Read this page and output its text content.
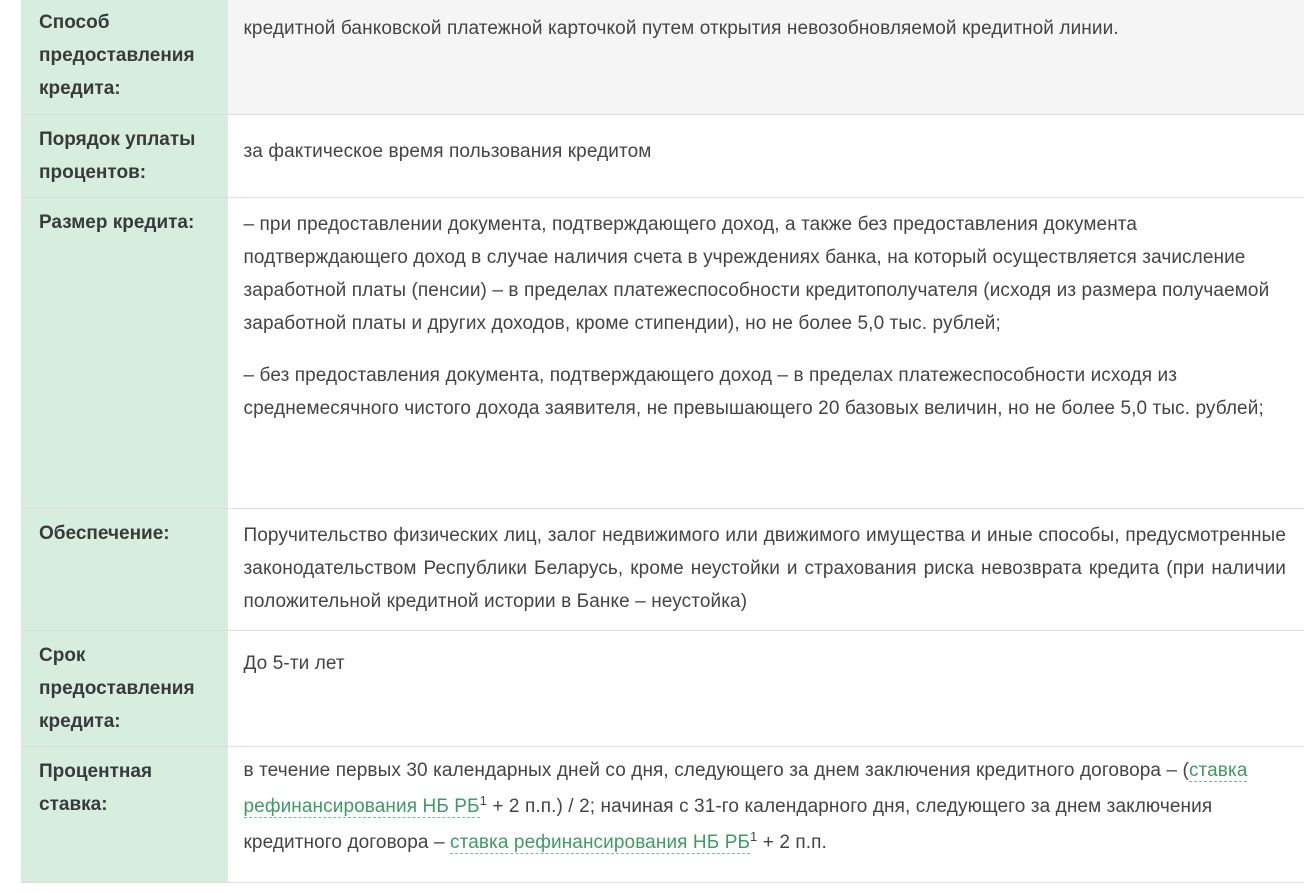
Способ предоставления кредита:	кредитной банковской платежной карточкой путем открытия невозобновляемой кредитной линии.

Порядок уплаты процентов:	за фактическое время пользования кредитом

Размер кредита:	– при предоставлении документа, подтверждающего доход, а также без предоставления документа подтверждающего доход в случае наличия счета в учреждениях банка, на который осуществляется зачисление заработной платы (пенсии) – в пределах платежеспособности кредитополучателя (исходя из размера получаемой заработной платы и других доходов, кроме стипендии), но не более 5,0 тыс. рублей;

– без предоставления документа, подтверждающего доход – в пределах платежеспособности исходя из среднемесячного чистого дохода заявителя, не превышающего 20 базовых величин, но не более 5,0 тыс. рублей;

Обеспечение:	Поручительство физических лиц, залог недвижимого или движимого имущества и иные способы, предусмотренные законодательством Республики Беларусь, кроме неустойки и страхования риска невозврата кредита (при наличии положительной кредитной истории в Банке – неустойка)

Срок предоставления кредита:	До 5-ти лет

Процентная ставка:	в течение первых 30 календарных дней со дня, следующего за днем заключения кредитного договора – (ставка рефинансирования НБ РБ$^1$ + 2 п.п.) / 2; начиная с 31-го календарного дня, следующего за днем заключения кредитного договора – ставка рефинансирования НБ РБ$^1$ + 2 п.п.
